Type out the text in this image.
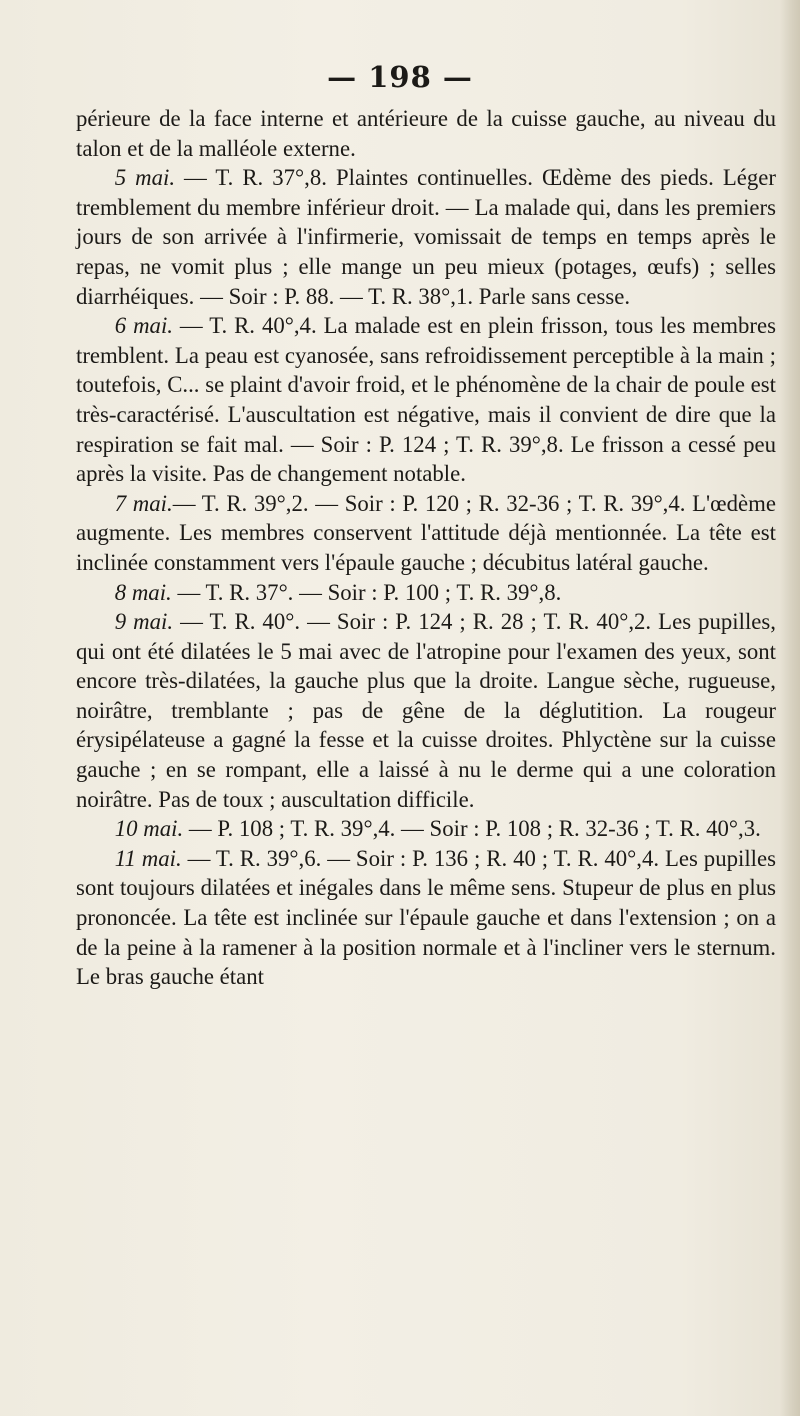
— 198 —

périeure de la face interne et antérieure de la cuisse gauche, au niveau du talon et de la malléole externe.

5 mai. — T. R. 37°,8. Plaintes continuelles. Œdème des pieds. Léger tremblement du membre inférieur droit. — La malade qui, dans les premiers jours de son arrivée à l'infirmerie, vomissait de temps en temps après le repas, ne vomit plus ; elle mange un peu mieux (potages, œufs) ; selles diarrhéiques. — Soir : P. 88. — T. R. 38°,1. Parle sans cesse.

6 mai. — T. R. 40°,4. La malade est en plein frisson, tous les membres tremblent. La peau est cyanosée, sans refroidissement perceptible à la main ; toutefois, C... se plaint d'avoir froid, et le phénomène de la chair de poule est très-caractérisé. L'auscultation est négative, mais il convient de dire que la respiration se fait mal. — Soir : P. 124 ; T. R. 39°,8. Le frisson a cessé peu après la visite. Pas de changement notable.

7 mai.— T. R. 39°,2. — Soir : P. 120 ; R. 32-36 ; T. R. 39°,4. L'œdème augmente. Les membres conservent l'attitude déjà mentionnée. La tête est inclinée constamment vers l'épaule gauche ; décubitus latéral gauche.

8 mai. — T. R. 37°. — Soir : P. 100 ; T. R. 39°,8.

9 mai. — T. R. 40°. — Soir : P. 124 ; R. 28 ; T. R. 40°,2. Les pupilles, qui ont été dilatées le 5 mai avec de l'atropine pour l'examen des yeux, sont encore très-dilatées, la gauche plus que la droite. Langue sèche, rugueuse, noirâtre, tremblante ; pas de gêne de la déglutition. La rougeur érysipélateuse a gagné la fesse et la cuisse droites. Phlyctène sur la cuisse gauche ; en se rompant, elle a laissé à nu le derme qui a une coloration noirâtre. Pas de toux ; auscultation difficile.

10 mai. — P. 108 ; T. R. 39°,4. — Soir : P. 108 ; R. 32-36 ; T. R. 40°,3.

11 mai. — T. R. 39°,6. — Soir : P. 136 ; R. 40 ; T. R. 40°,4. Les pupilles sont toujours dilatées et inégales dans le même sens. Stupeur de plus en plus prononcée. La tête est inclinée sur l'épaule gauche et dans l'extension ; on a de la peine à la ramener à la position normale et à l'incliner vers le sternum. Le bras gauche étant
